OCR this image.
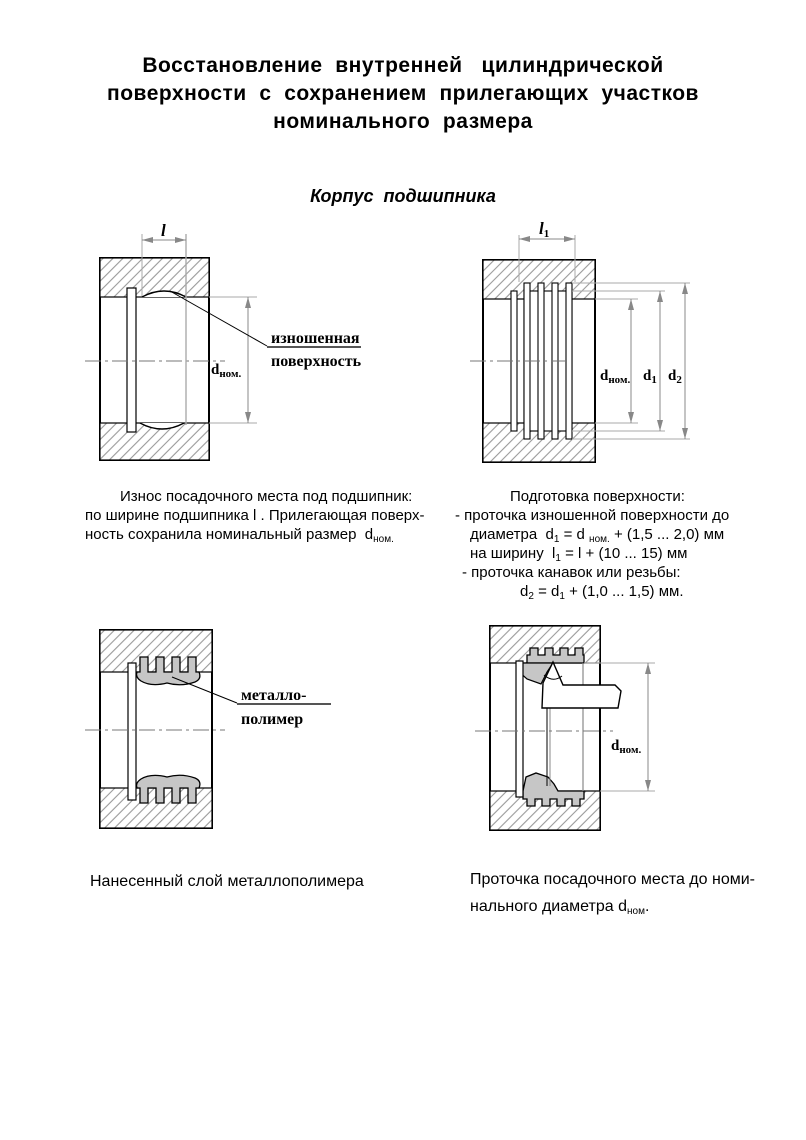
Восстановление  внутренней   цилиндрической
поверхности  с  сохранением  прилегающих  участков
номинального  размера
Корпус  подшипника
l
dном.
изношенная
поверхность
l1
dном. d1 d2
Износ посадочного места под подшипник:
по ширине подшипника l . Прилегающая поверх-
ность сохранила номинальный размер  $d_{ном.}$
Подготовка поверхности:
- проточка изношенной поверхности до
диаметра  $d_1 = d$ $_{ном.}$ + (1,5 ... 2,0) мм
на ширину  $l_1 = l + (10$ ... 15) мм
- проточка канавок или резьбы:
$d_2 = d_1 + (1,0$ ... 1,5) мм.
металло-
полимер
dном.
Нанесенный слой металлополимера	Проточка посадочного места до номи-
нального диаметра $d_{ном}$.
